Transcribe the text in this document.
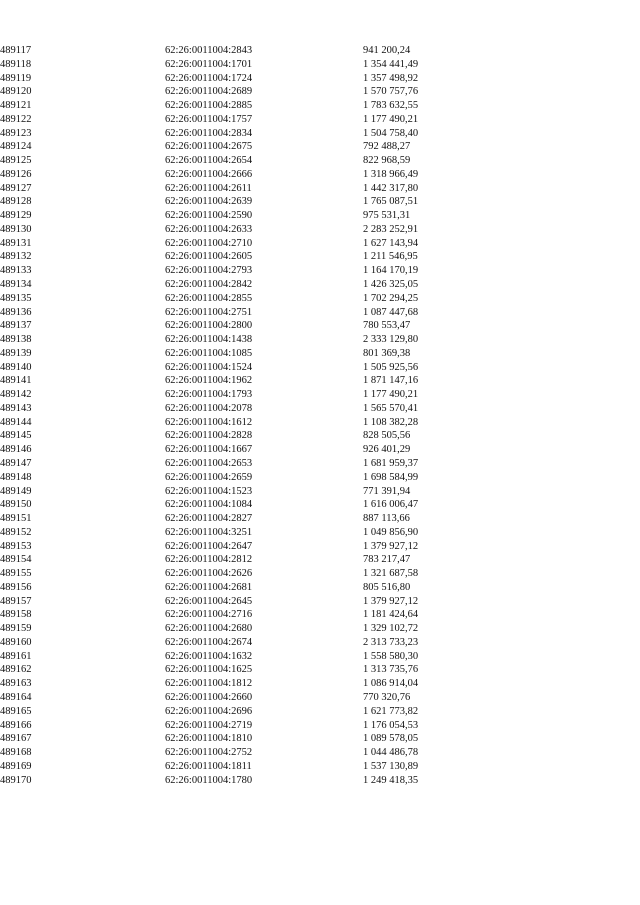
489117	62:26:0011004:2843	941 200,24
489118	62:26:0011004:1701	1 354 441,49
489119	62:26:0011004:1724	1 357 498,92
489120	62:26:0011004:2689	1 570 757,76
489121	62:26:0011004:2885	1 783 632,55
489122	62:26:0011004:1757	1 177 490,21
489123	62:26:0011004:2834	1 504 758,40
489124	62:26:0011004:2675	792 488,27
489125	62:26:0011004:2654	822 968,59
489126	62:26:0011004:2666	1 318 966,49
489127	62:26:0011004:2611	1 442 317,80
489128	62:26:0011004:2639	1 765 087,51
489129	62:26:0011004:2590	975 531,31
489130	62:26:0011004:2633	2 283 252,91
489131	62:26:0011004:2710	1 627 143,94
489132	62:26:0011004:2605	1 211 546,95
489133	62:26:0011004:2793	1 164 170,19
489134	62:26:0011004:2842	1 426 325,05
489135	62:26:0011004:2855	1 702 294,25
489136	62:26:0011004:2751	1 087 447,68
489137	62:26:0011004:2800	780 553,47
489138	62:26:0011004:1438	2 333 129,80
489139	62:26:0011004:1085	801 369,38
489140	62:26:0011004:1524	1 505 925,56
489141	62:26:0011004:1962	1 871 147,16
489142	62:26:0011004:1793	1 177 490,21
489143	62:26:0011004:2078	1 565 570,41
489144	62:26:0011004:1612	1 108 382,28
489145	62:26:0011004:2828	828 505,56
489146	62:26:0011004:1667	926 401,29
489147	62:26:0011004:2653	1 681 959,37
489148	62:26:0011004:2659	1 698 584,99
489149	62:26:0011004:1523	771 391,94
489150	62:26:0011004:1084	1 616 006,47
489151	62:26:0011004:2827	887 113,66
489152	62:26:0011004:3251	1 049 856,90
489153	62:26:0011004:2647	1 379 927,12
489154	62:26:0011004:2812	783 217,47
489155	62:26:0011004:2626	1 321 687,58
489156	62:26:0011004:2681	805 516,80
489157	62:26:0011004:2645	1 379 927,12
489158	62:26:0011004:2716	1 181 424,64
489159	62:26:0011004:2680	1 329 102,72
489160	62:26:0011004:2674	2 313 733,23
489161	62:26:0011004:1632	1 558 580,30
489162	62:26:0011004:1625	1 313 735,76
489163	62:26:0011004:1812	1 086 914,04
489164	62:26:0011004:2660	770 320,76
489165	62:26:0011004:2696	1 621 773,82
489166	62:26:0011004:2719	1 176 054,53
489167	62:26:0011004:1810	1 089 578,05
489168	62:26:0011004:2752	1 044 486,78
489169	62:26:0011004:1811	1 537 130,89
489170	62:26:0011004:1780	1 249 418,35
